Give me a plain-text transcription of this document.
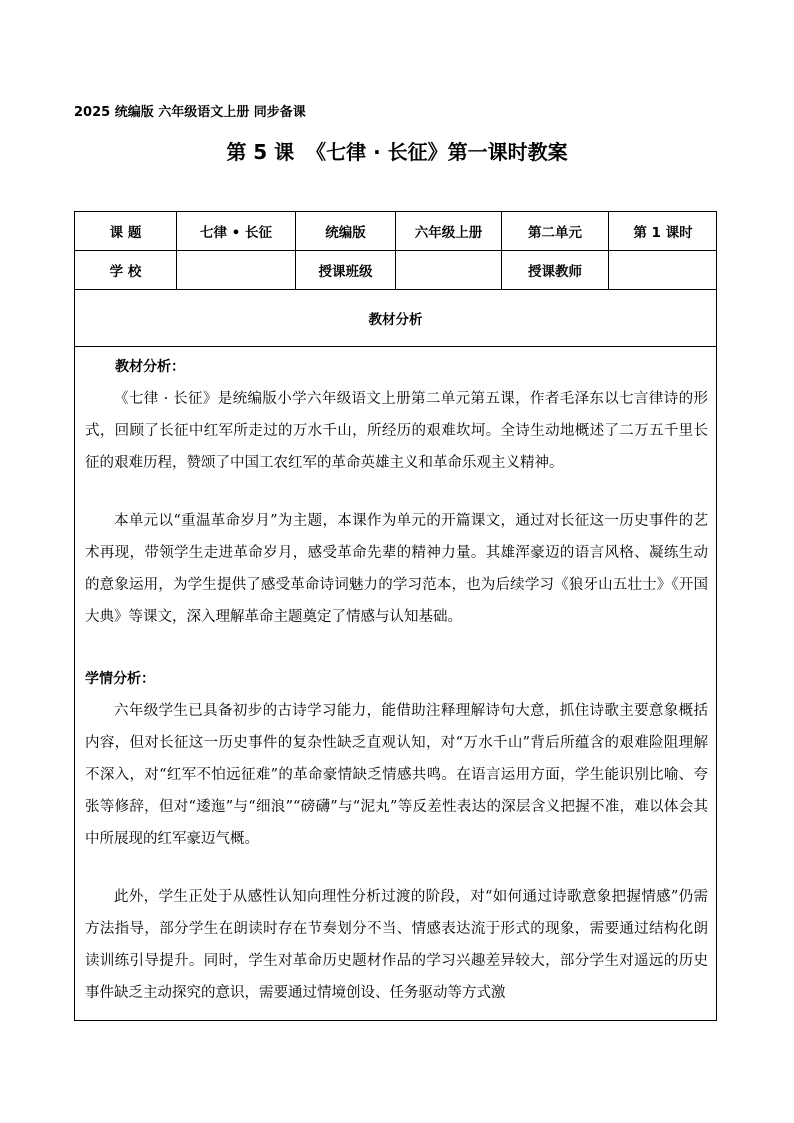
2025 统编版 六年级语文上册 同步备课
第 5 课 《七律 · 长征》第一课时教案
课 题	七律 • 长征	统编版	六年级上册	第二单元	第 1 课时
学 校		授课班级		授课教师	
教材分析
教材分析：

《七律 · 长征》是统编版小学六年级语文上册第二单元第五课，作者毛泽东以七言律诗的形式，回顾了长征中红军所走过的万水千山，所经历的艰难坎坷。全诗生动地概述了二万五千里长征的艰难历程，赞颂了中国工农红军的革命英雄主义和革命乐观主义精神。

本单元以“重温革命岁月”为主题，本课作为单元的开篇课文，通过对长征这一历史事件的艺术再现，带领学生走进革命岁月，感受革命先辈的精神力量。其雄浑豪迈的语言风格、凝练生动的意象运用，为学生提供了感受革命诗词魅力的学习范本，也为后续学习《狼牙山五壮士》《开国大典》等课文，深入理解革命主题奠定了情感与认知基础。

学情分析：

六年级学生已具备初步的古诗学习能力，能借助注释理解诗句大意，抓住诗歌主要意象概括内容，但对长征这一历史事件的复杂性缺乏直观认知，对“万水千山”背后所蕴含的艰难险阻理解不深入，对“红军不怕远征难”的革命豪情缺乏情感共鸣。在语言运用方面，学生能识别比喻、夸张等修辞，但对“逶迤”与“细浪”“磅礴”与“泥丸”等反差性表达的深层含义把握不准，难以体会其中所展现的红军豪迈气概。

此外，学生正处于从感性认知向理性分析过渡的阶段，对“如何通过诗歌意象把握情感”仍需方法指导，部分学生在朗读时存在节奏划分不当、情感表达流于形式的现象，需要通过结构化朗读训练引导提升。同时，学生对革命历史题材作品的学习兴趣差异较大，部分学生对遥远的历史事件缺乏主动探究的意识，需要通过情境创设、任务驱动等方式激
